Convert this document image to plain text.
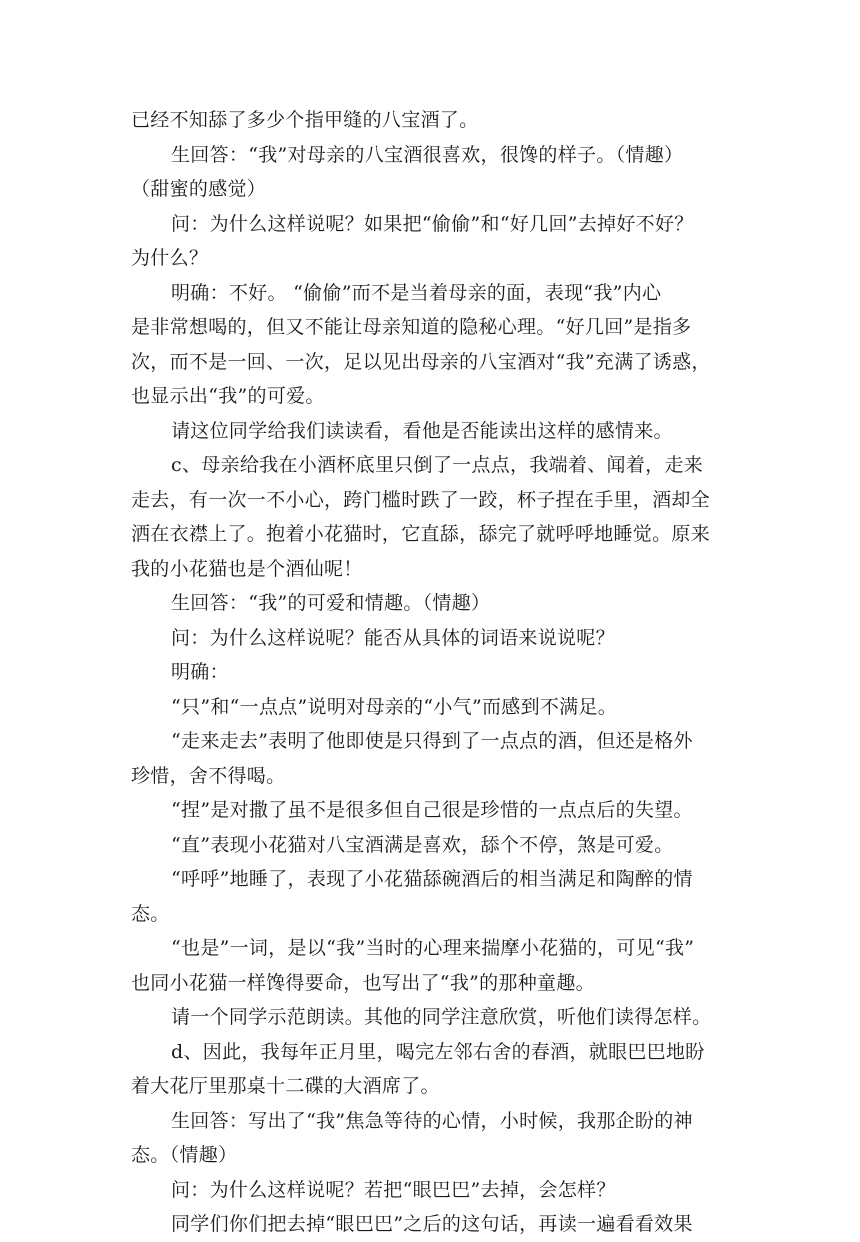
已经不知舔了多少个指甲缝的八宝酒了。
生回答：“我”对母亲的八宝酒很喜欢，很馋的样子。（情趣）
（甜蜜的感觉）
问：为什么这样说呢？如果把“偷偷”和“好几回”去掉好不好？
为什么？
明确：不好。 “偷偷”而不是当着母亲的面，表现“我”内心
是非常想喝的，但又不能让母亲知道的隐秘心理。“好几回”是指多
次，而不是一回、一次，足以见出母亲的八宝酒对“我”充满了诱惑，
也显示出“我”的可爱。
请这位同学给我们读读看，看他是否能读出这样的感情来。
c、母亲给我在小酒杯底里只倒了一点点，我端着、闻着，走来
走去，有一次一不小心，跨门槛时跌了一跤，杯子捏在手里，酒却全
洒在衣襟上了。抱着小花猫时，它直舔，舔完了就呼呼地睡觉。原来
我的小花猫也是个酒仙呢！
生回答：“我”的可爱和情趣。（情趣）
问：为什么这样说呢？能否从具体的词语来说说呢？
明确：
“只”和“一点点”说明对母亲的“小气”而感到不满足。
“走来走去”表明了他即使是只得到了一点点的酒，但还是格外
珍惜，舍不得喝。
“捏”是对撒了虽不是很多但自己很是珍惜的一点点后的失望。
“直”表现小花猫对八宝酒满是喜欢，舔个不停，煞是可爱。
“呼呼”地睡了，表现了小花猫舔碗酒后的相当满足和陶醉的情
态。
“也是”一词，是以“我”当时的心理来揣摩小花猫的，可见“我”
也同小花猫一样馋得要命，也写出了“我”的那种童趣。
请一个同学示范朗读。其他的同学注意欣赏，听他们读得怎样。
d、因此，我每年正月里，喝完左邻右舍的春酒，就眼巴巴地盼
着大花厅里那桌十二碟的大酒席了。
生回答：写出了“我”焦急等待的心情，小时候，我那企盼的神
态。（情趣）
问：为什么这样说呢？若把“眼巴巴”去掉，会怎样？
同学们你们把去掉“眼巴巴”之后的这句话，再读一遍看看效果
